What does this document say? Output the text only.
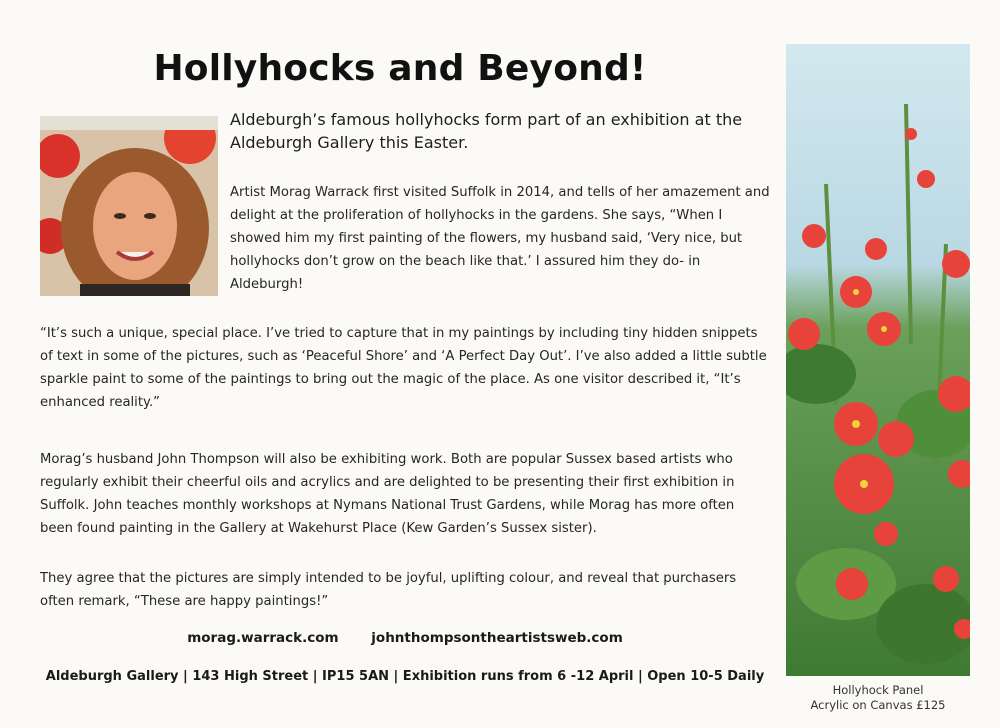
Hollyhocks and Beyond!
Aldeburgh’s famous hollyhocks form part of an exhibition at the Aldeburgh Gallery this Easter.
Artist Morag Warrack first visited Suffolk in 2014, and tells of her amazement and delight at the proliferation of hollyhocks in the gardens. She says, “When I showed him my first painting of the flowers, my husband said, ‘Very nice, but hollyhocks don’t grow on the beach like that.’ I assured him they do- in Aldeburgh!
“It’s such a unique, special place. I’ve tried to capture that in my paintings by including tiny hidden snippets of text in some of the pictures, such as ‘Peaceful Shore’ and ‘A Perfect Day Out’. I’ve also added a little subtle sparkle paint to some of the paintings to bring out the magic of the place. As one visitor described it, “It’s enhanced reality.”
Morag’s husband John Thompson will also be exhibiting work. Both are popular Sussex based artists who regularly exhibit their cheerful oils and acrylics and are delighted to be presenting their first exhibition in Suffolk. John teaches monthly workshops at Nymans National Trust Gardens, while Morag has more often been found painting in the Gallery at Wakehurst Place (Kew Garden’s Sussex sister).
They agree that the pictures are simply intended to be joyful, uplifting colour, and reveal that purchasers often remark, “These are happy paintings!”
morag.warrack.com johnthompsontheartistsweb.com
Aldeburgh Gallery | 143 High Street | IP15 5AN | Exhibition runs from 6 -12 April | Open 10-5 Daily
Hollyhock Panel
Acrylic on Canvas £125
